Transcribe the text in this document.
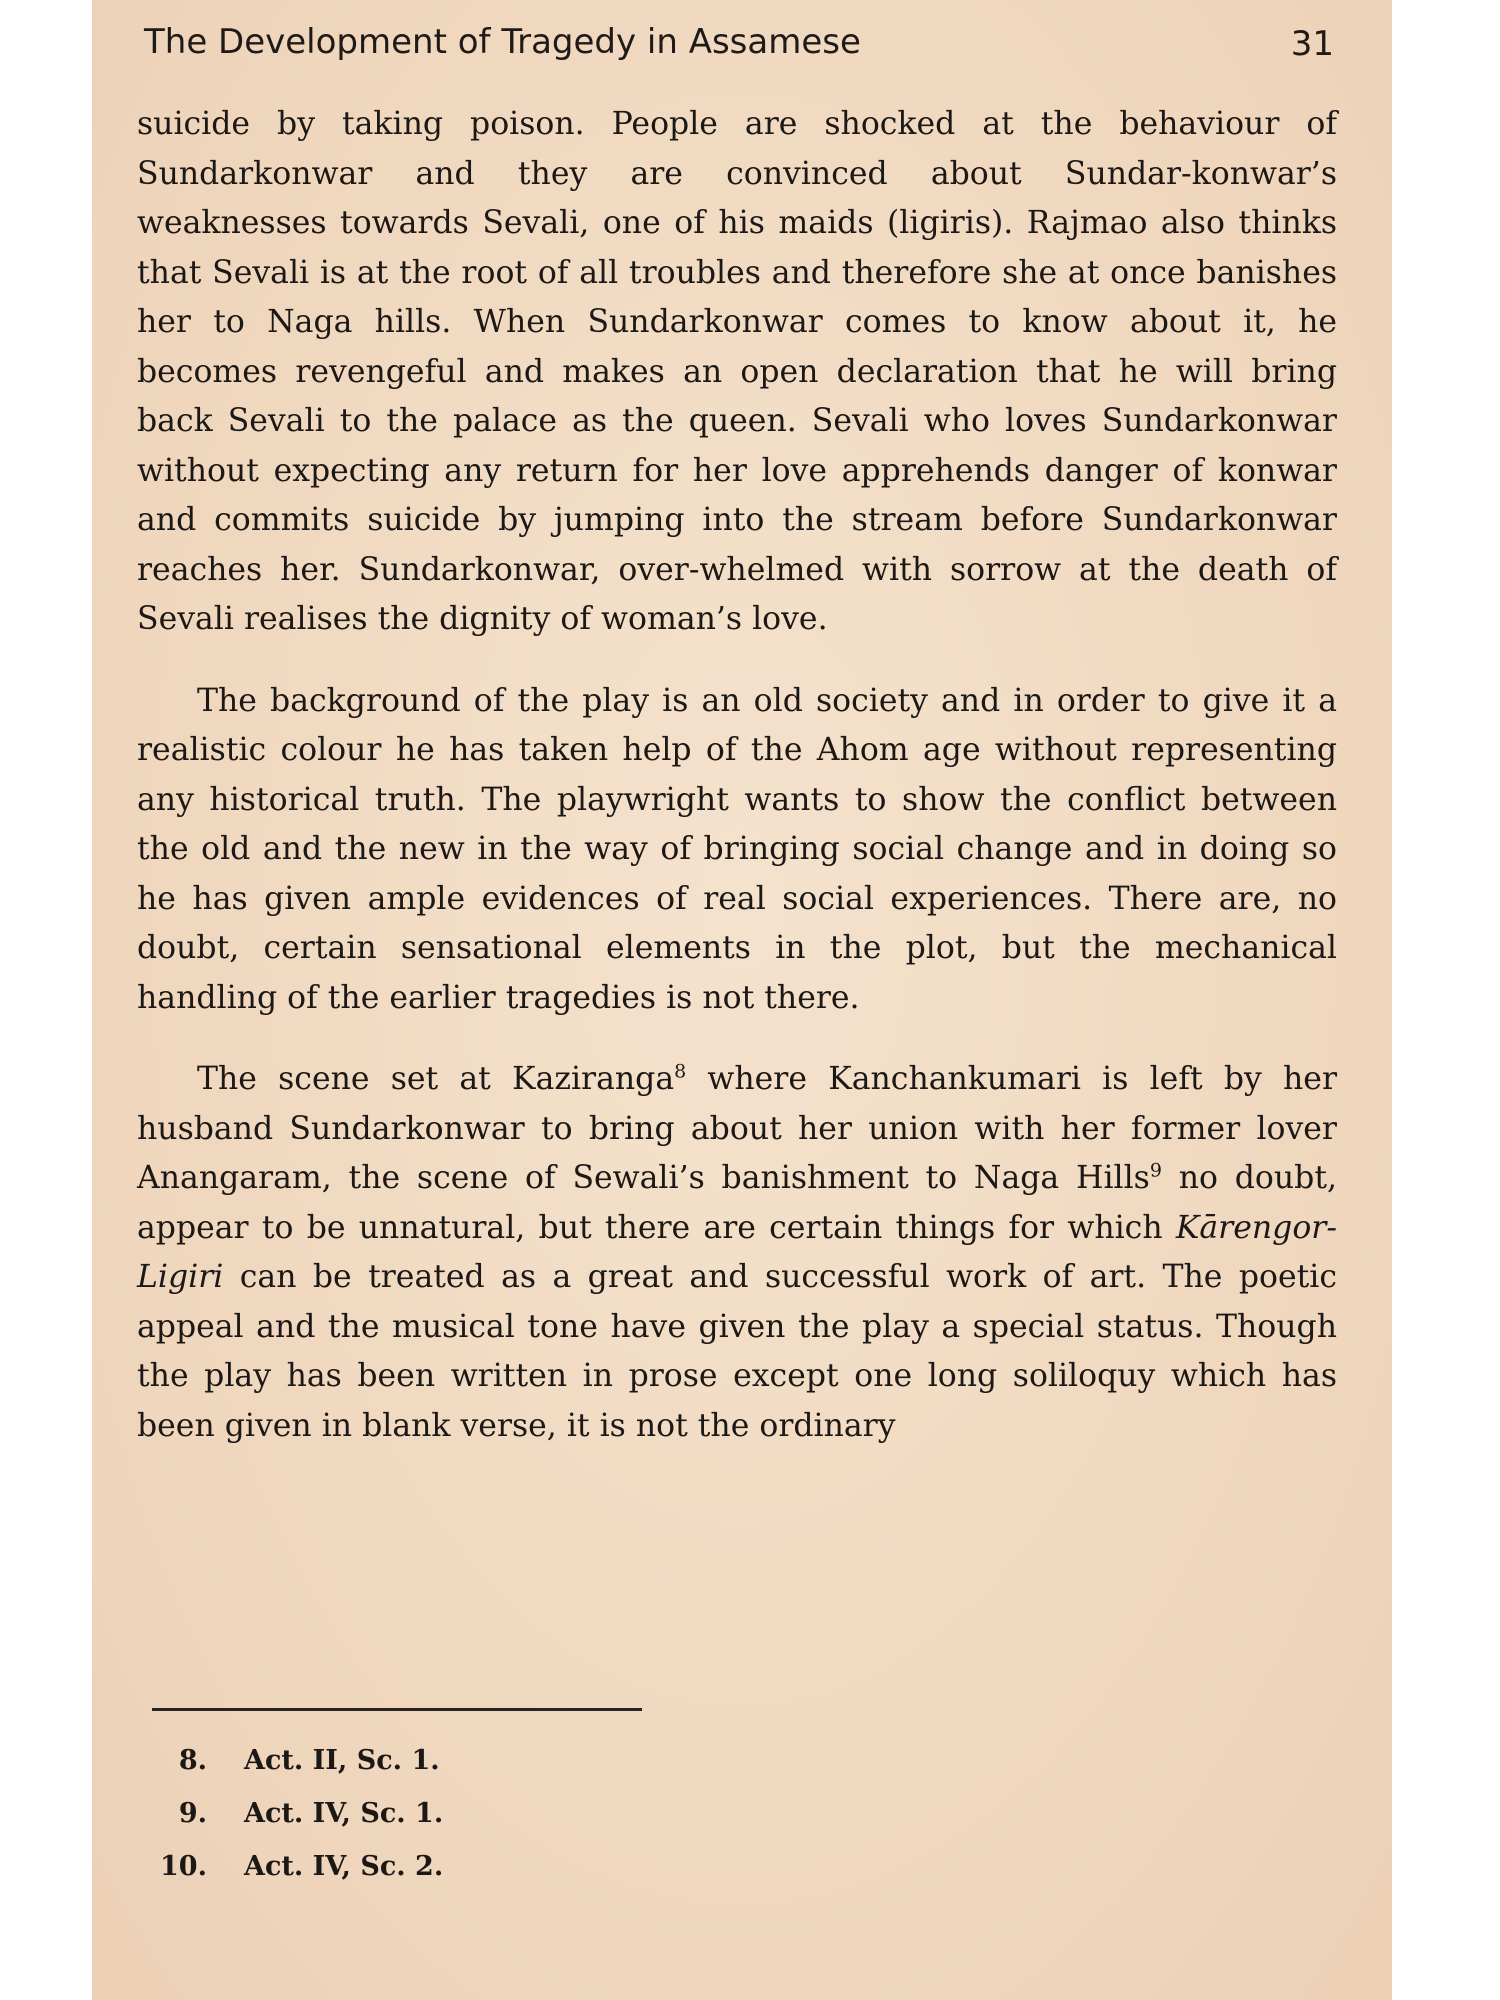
The Development of Tragedy in Assamese	31

suicide by taking poison. People are shocked at the behaviour of Sundarkonwar and they are convinced about Sundar-konwar’s weaknesses towards Sevali, one of his maids (ligiris). Rajmao also thinks that Sevali is at the root of all troubles and therefore she at once banishes her to Naga hills. When Sundarkonwar comes to know about it, he becomes revengeful and makes an open declaration that he will bring back Sevali to the palace as the queen. Sevali who loves Sundarkonwar without expecting any return for her love apprehends danger of konwar and commits suicide by jumping into the stream before Sundarkonwar reaches her. Sundarkonwar, over-whelmed with sorrow at the death of Sevali realises the dignity of woman’s love.

The background of the play is an old society and in order to give it a realistic colour he has taken help of the Ahom age without representing any historical truth. The playwright wants to show the conflict between the old and the new in the way of bringing social change and in doing so he has given ample evidences of real social experiences. There are, no doubt, certain sensational elements in the plot, but the mechanical handling of the earlier tragedies is not there.

The scene set at Kaziranga$^8$ where Kanchankumari is left by her husband Sundarkonwar to bring about her union with her former lover Anangaram, the scene of Sewali’s banishment to Naga Hills$^9$ no doubt, appear to be unnatural, but there are certain things for which Kārengor-Ligiri can be treated as a great and successful work of art. The poetic appeal and the musical tone have given the play a special status. Though the play has been written in prose except one long soliloquy which has been given in blank verse, it is not the ordinary

8. Act. II, Sc. 1.
9. Act. IV, Sc. 1.
10. Act. IV, Sc. 2.
